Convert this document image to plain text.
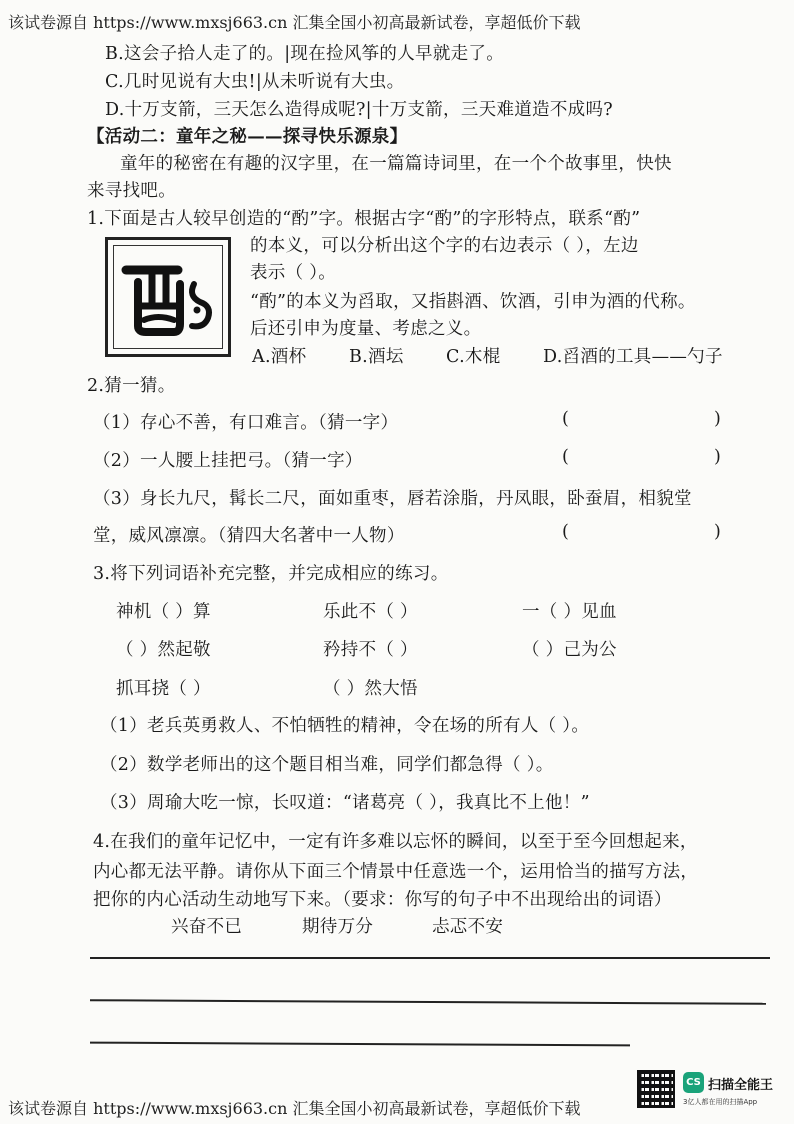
该试卷源自 https://www.mxsj663.cn 汇集全国小初高最新试卷，享超低价下载
B.这会子拾人走了的。|现在捡风筝的人早就走了。
C.几时见说有大虫!|从未听说有大虫。
D.十万支箭，三天怎么造得成呢?|十万支箭，三天难道造不成吗?
【活动二：童年之秘——探寻快乐源泉】
童年的秘密在有趣的汉字里，在一篇篇诗词里，在一个个故事里，快快
来寻找吧。
1.下面是古人较早创造的“酌”字。根据古字“酌”的字形特点，联系“酌”
的本义，可以分析出这个字的右边表示（ ），左边
表示（ ）。
“酌”的本义为舀取，又指斟酒、饮酒，引申为酒的代称。
后还引申为度量、考虑之义。
A.酒杯 B.酒坛 C.木棍 D.舀酒的工具——勺子
2.猜一猜。
（1）存心不善，有口难言。（猜一字）	(	)
（2）一人腰上挂把弓。（猜一字）	(	)
（3）身长九尺，髯长二尺，面如重枣，唇若涂脂，丹凤眼，卧蚕眉，相貌堂
堂，威风凛凛。（猜四大名著中一人物）	(	)
3.将下列词语补充完整，并完成相应的练习。
神机（ ）算	乐此不（ ）	一（ ）见血
（ ）然起敬	矜持不（ ）	（ ）己为公
抓耳挠（ ）	（ ）然大悟
（1）老兵英勇救人、不怕牺牲的精神，令在场的所有人（ ）。
（2）数学老师出的这个题目相当难，同学们都急得（ ）。
（3）周瑜大吃一惊，长叹道：“诸葛亮（ ），我真比不上他！”
4.在我们的童年记忆中，一定有许多难以忘怀的瞬间，以至于至今回想起来，
内心都无法平静。请你从下面三个情景中任意选一个，运用恰当的描写方法，
把你的内心活动生动地写下来。（要求：你写的句子中不出现给出的词语）
兴奋不已	期待万分	忐忑不安
该试卷源自 https://www.mxsj663.cn 汇集全国小初高最新试卷，享超低价下载
CS 扫描全能王
3亿人都在用的扫描App
